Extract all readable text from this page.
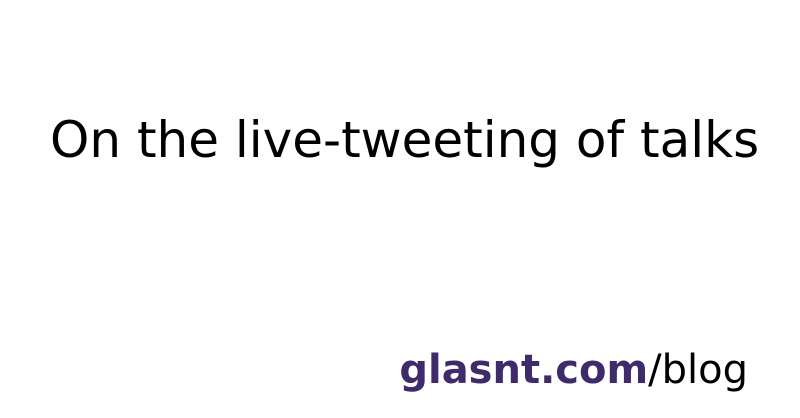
On the live-tweeting of talks
glasnt.com/blog
